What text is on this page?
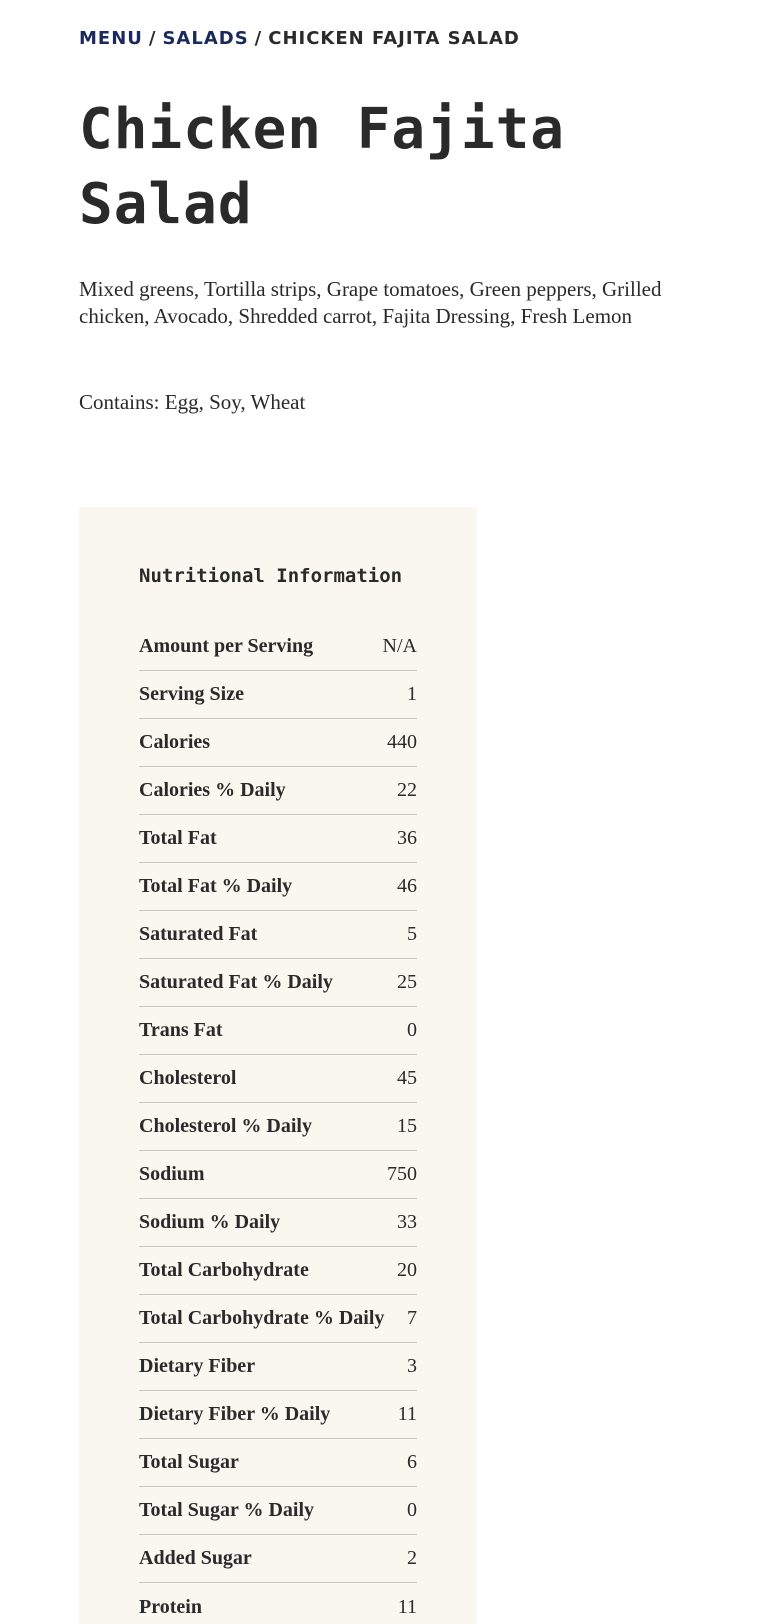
MENU / SALADS / CHICKEN FAJITA SALAD
Chicken Fajita Salad

Mixed greens, Tortilla strips, Grape tomatoes, Green peppers, Grilled chicken, Avocado, Shredded carrot, Fajita Dressing, Fresh Lemon

Contains: Egg, Soy, Wheat

Nutritional Information
Amount per Serving	N/A
Serving Size	1
Calories	440
Calories % Daily	22
Total Fat	36
Total Fat % Daily	46
Saturated Fat	5
Saturated Fat % Daily	25
Trans Fat	0
Cholesterol	45
Cholesterol % Daily	15
Sodium	750
Sodium % Daily	33
Total Carbohydrate	20
Total Carbohydrate % Daily 7
Dietary Fiber	3
Dietary Fiber % Daily	11
Total Sugar	6
Total Sugar % Daily	0
Added Sugar	2
Protein	11
